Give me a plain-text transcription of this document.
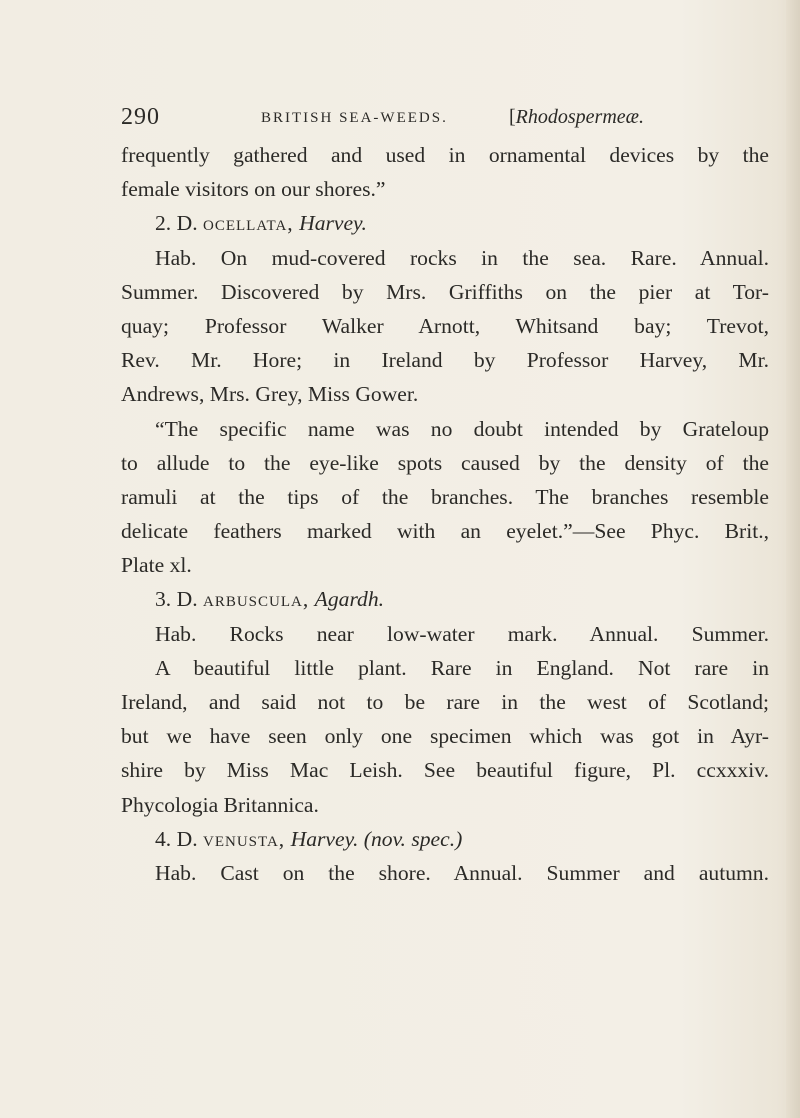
290	BRITISH SEA-WEEDS.	[Rhodospermeæ.
frequently gathered and used in ornamental devices by the
female visitors on our shores.”
2. D. ocellata, Harvey.
Hab. On mud-covered rocks in the sea. Rare. Annual.
Summer. Discovered by Mrs. Griffiths on the pier at Tor-
quay; Professor Walker Arnott, Whitsand bay; Trevot,
Rev. Mr. Hore; in Ireland by Professor Harvey, Mr.
Andrews, Mrs. Grey, Miss Gower.
“The specific name was no doubt intended by Grateloup
to allude to the eye-like spots caused by the density of the
ramuli at the tips of the branches. The branches resemble
delicate feathers marked with an eyelet.”—See Phyc. Brit.,
Plate xl.
3. D. arbuscula, Agardh.
Hab. Rocks near low-water mark. Annual. Summer.
A beautiful little plant. Rare in England. Not rare in
Ireland, and said not to be rare in the west of Scotland;
but we have seen only one specimen which was got in Ayr-
shire by Miss Mac Leish. See beautiful figure, Pl. ccxxxiv.
Phycologia Britannica.
4. D. venusta, Harvey. (nov. spec.)
Hab. Cast on the shore. Annual. Summer and autumn.
